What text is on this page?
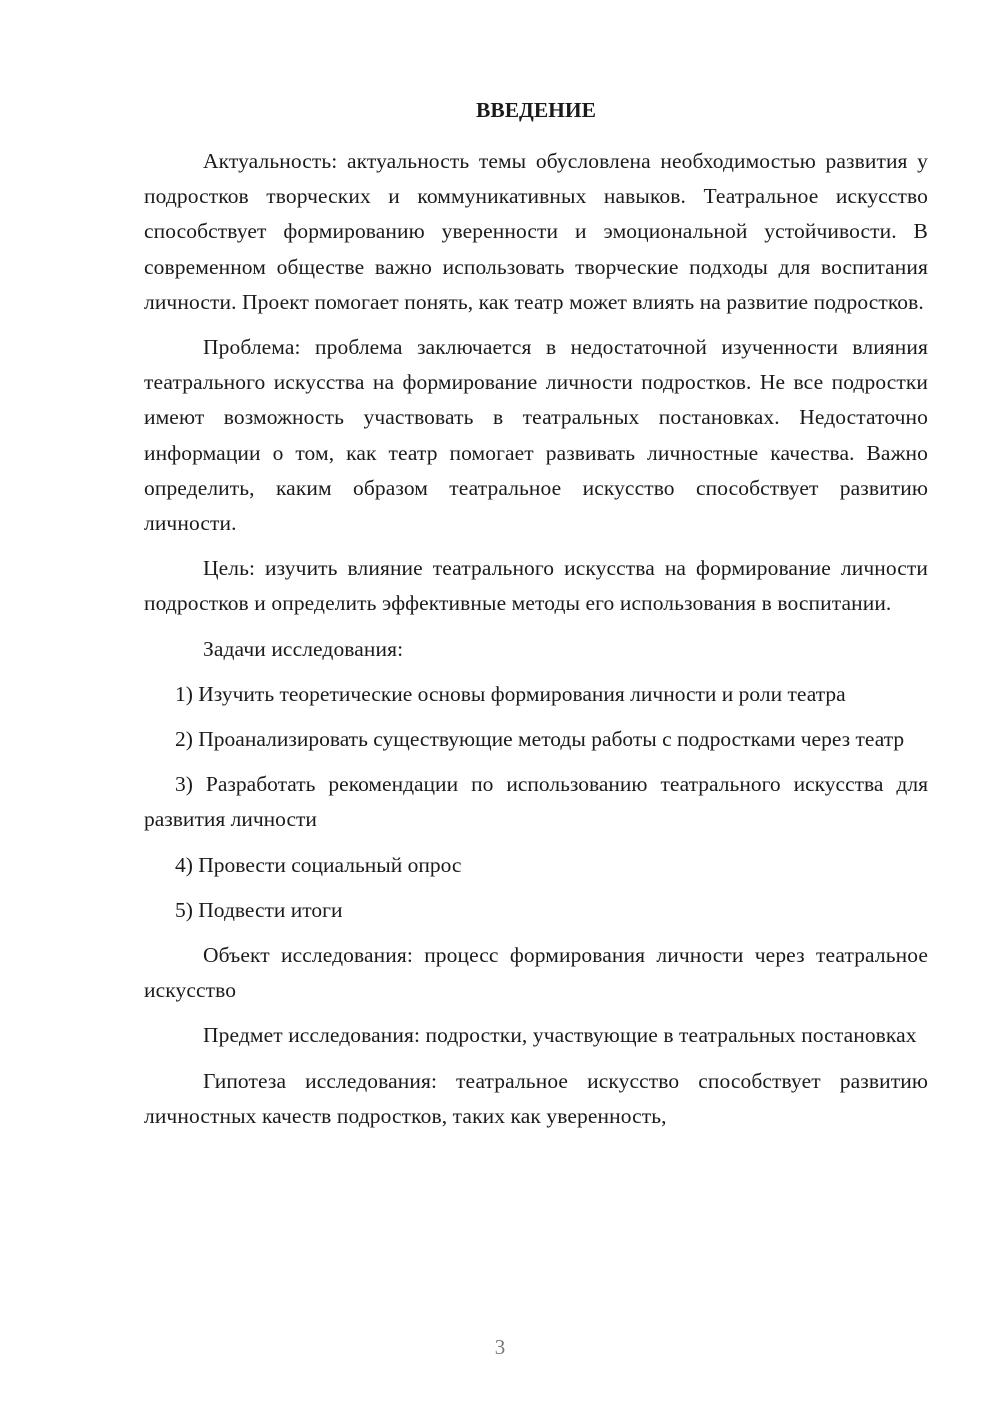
ВВЕДЕНИЕ

Актуальность: актуальность темы обусловлена необходимостью развития у подростков творческих и коммуникативных навыков. Театральное искусство способствует формированию уверенности и эмоциональной устойчивости. В современном обществе важно использовать творческие подходы для воспитания личности. Проект помогает понять, как театр может влиять на развитие подростков.

Проблема: проблема заключается в недостаточной изученности влияния театрального искусства на формирование личности подростков. Не все подростки имеют возможность участвовать в театральных постановках. Недостаточно информации о том, как театр помогает развивать личностные качества. Важно определить, каким образом театральное искусство способствует развитию личности.

Цель: изучить влияние театрального искусства на формирование личности подростков и определить эффективные методы его использования в воспитании.

Задачи исследования:

1) Изучить теоретические основы формирования личности и роли театра

2) Проанализировать существующие методы работы с подростками через театр

3) Разработать рекомендации по использованию театрального искусства для развития личности

4) Провести социальный опрос

5) Подвести итоги

Объект исследования: процесс формирования личности через театральное искусство

Предмет исследования: подростки, участвующие в театральных постановках

Гипотеза исследования: театральное искусство способствует развитию личностных качеств подростков, таких как уверенность,

3
